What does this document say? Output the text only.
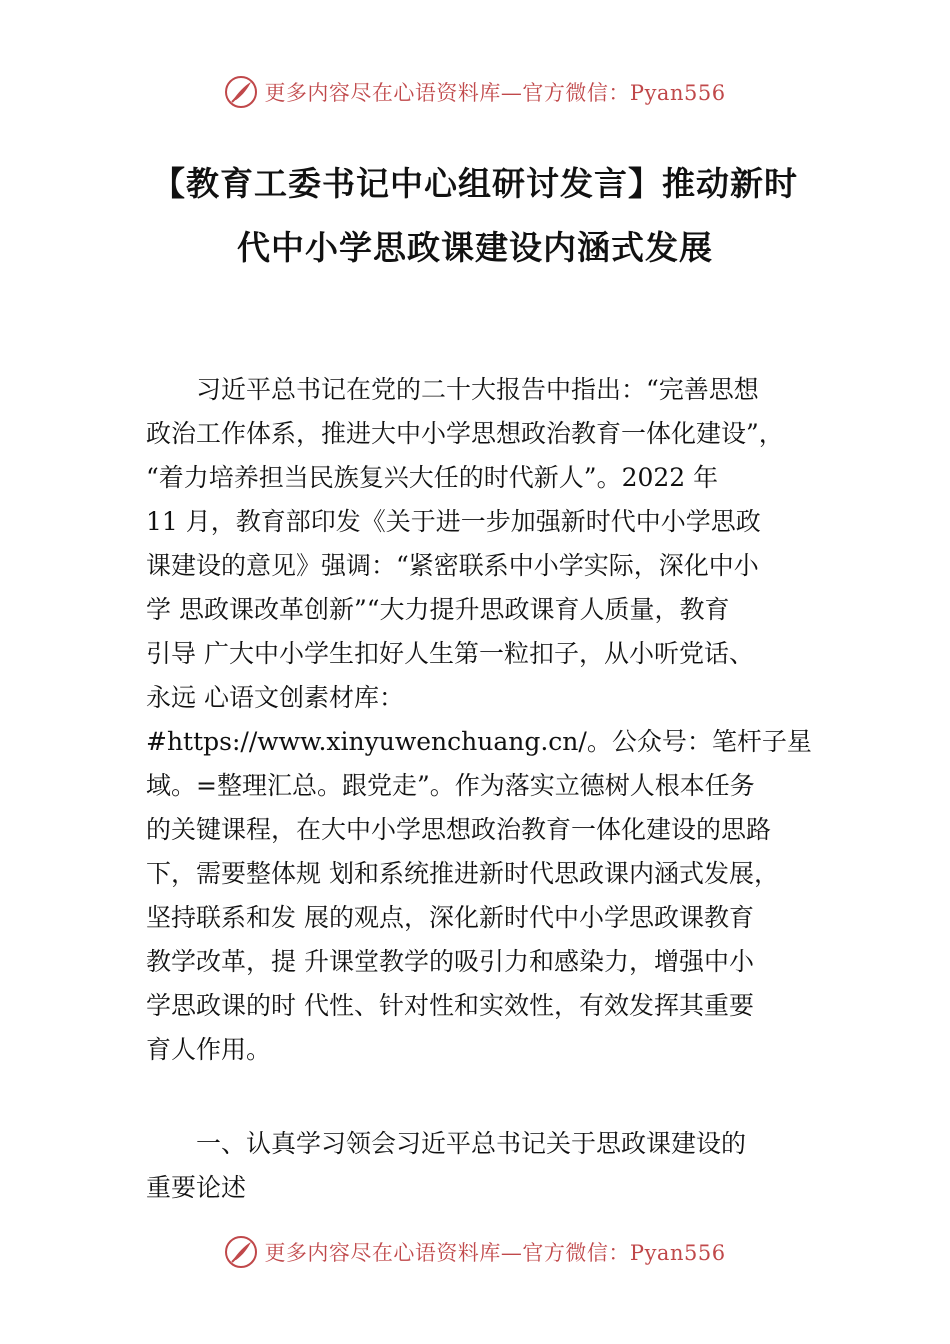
更多内容尽在心语资料库—官方微信：Pyan556
【教育工委书记中心组研讨发言】推动新时
代中小学思政课建设内涵式发展
　　习近平总书记在党的二十大报告中指出：“完善思想
政治工作体系，推进大中小学思想政治教育一体化建设”，
“着力培养担当民族复兴大任的时代新人”。2022 年
11 月，教育部印发《关于进一步加强新时代中小学思政
课建设的意见》强调：“紧密联系中小学实际，深化中小
学 思政课改革创新”“大力提升思政课育人质量，教育
引导 广大中小学生扣好人生第一粒扣子，从小听党话、
永远 心语文创素材库：
#https://www.xinyuwenchuang.cn/。公众号：笔杆子星
域。=整理汇总。跟党走”。作为落实立德树人根本任务
的关键课程，在大中小学思想政治教育一体化建设的思路
下，需要整体规 划和系统推进新时代思政课内涵式发展，
坚持联系和发 展的观点，深化新时代中小学思政课教育
教学改革，提 升课堂教学的吸引力和感染力，增强中小
学思政课的时 代性、针对性和实效性，有效发挥其重要
育人作用。
　　一、认真学习领会习近平总书记关于思政课建设的
重要论述
更多内容尽在心语资料库—官方微信：Pyan556
